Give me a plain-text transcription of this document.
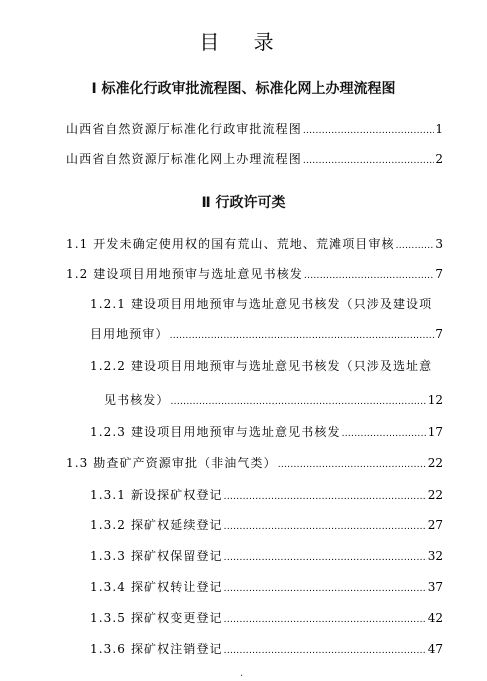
目 录
Ⅰ 标准化行政审批流程图、标准化网上办理流程图
山西省自然资源厅标准化行政审批流程图 .....	1
山西省自然资源厅标准化网上办理流程图 .....	2
Ⅱ 行政许可类
1.1 开发未确定使用权的国有荒山、荒地、荒滩项目审核 .....	3
1.2 建设项目用地预审与选址意见书核发 .....	7
1.2.1 建设项目用地预审与选址意见书核发（只涉及建设项
目用地预审） .....	7
1.2.2 建设项目用地预审与选址意见书核发（只涉及选址意
见书核发） .....	12
1.2.3 建设项目用地预审与选址意见书核发 .....	17
1.3 勘查矿产资源审批（非油气类） .....	22
1.3.1 新设探矿权登记 .....	22
1.3.2 探矿权延续登记 .....	27
1.3.3 探矿权保留登记 .....	32
1.3.4 探矿权转让登记 .....	37
1.3.5 探矿权变更登记 .....	42
1.3.6 探矿权注销登记 .....	47
.
